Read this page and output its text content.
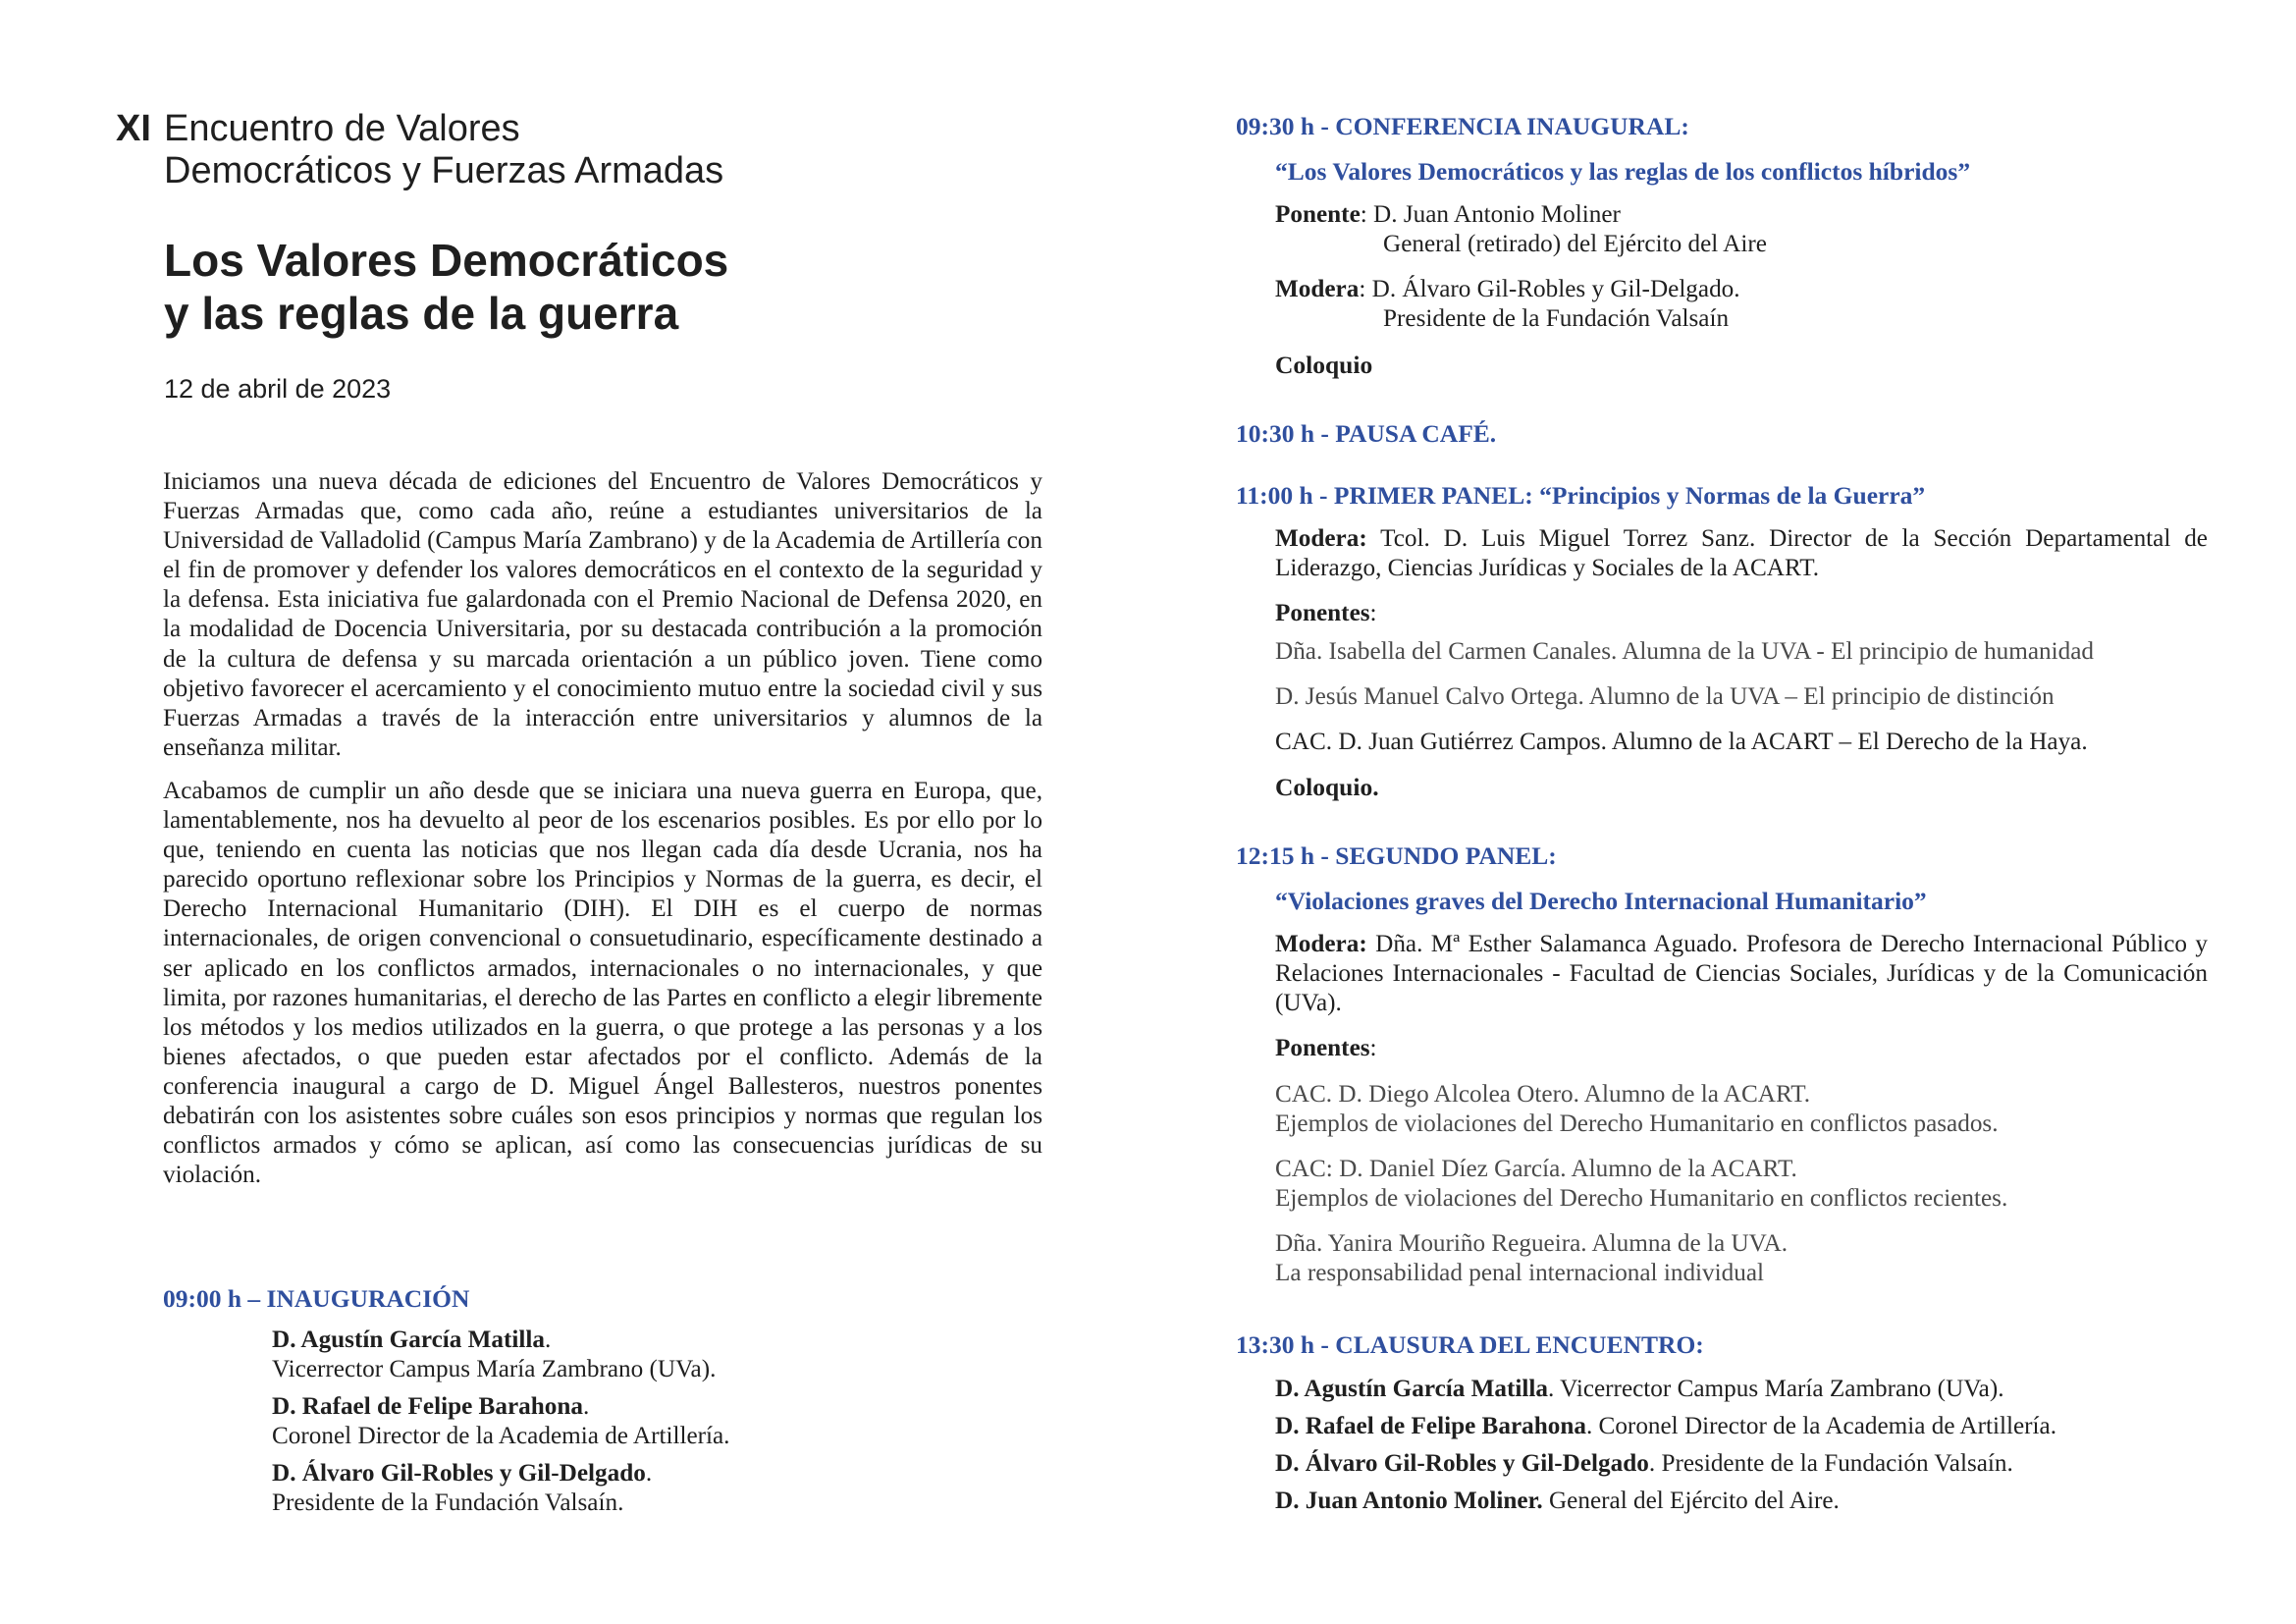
XI Encuentro de Valores
Democráticos y Fuerzas Armadas
Los Valores Democráticos
y las reglas de la guerra
12 de abril de 2023

Iniciamos una nueva década de ediciones del Encuentro de Valores Democráticos y Fuerzas Armadas que, como cada año, reúne a estudiantes universitarios de la Universidad de Valladolid (Campus María Zambrano) y de la Academia de Artillería con el fin de promover y defender los valores democráticos en el contexto de la seguridad y la defensa. Esta iniciativa fue galardonada con el Premio Nacional de Defensa 2020, en la modalidad de Docencia Universitaria, por su destacada contribución a la promoción de la cultura de defensa y su marcada orientación a un público joven. Tiene como objetivo favorecer el acercamiento y el conocimiento mutuo entre la sociedad civil y sus Fuerzas Armadas a través de la interacción entre universitarios y alumnos de la enseñanza militar.

Acabamos de cumplir un año desde que se iniciara una nueva guerra en Europa, que, lamentablemente, nos ha devuelto al peor de los escenarios posibles. Es por ello por lo que, teniendo en cuenta las noticias que nos llegan cada día desde Ucrania, nos ha parecido oportuno reflexionar sobre los Principios y Normas de la guerra, es decir, el Derecho Internacional Humanitario (DIH). El DIH es el cuerpo de normas internacionales, de origen convencional o consuetudinario, específicamente destinado a ser aplicado en los conflictos armados, internacionales o no internacionales, y que limita, por razones humanitarias, el derecho de las Partes en conflicto a elegir libremente los métodos y los medios utilizados en la guerra, o que protege a las personas y a los bienes afectados, o que pueden estar afectados por el conflicto. Además de la conferencia inaugural a cargo de D. Miguel Ángel Ballesteros, nuestros ponentes debatirán con los asistentes sobre cuáles son esos principios y normas que regulan los conflictos armados y cómo se aplican, así como las consecuencias jurídicas de su violación.

09:00 h – INAUGURACIÓN
D. Agustín García Matilla.
Vicerrector Campus María Zambrano (UVa).
D. Rafael de Felipe Barahona.
Coronel Director de la Academia de Artillería.
D. Álvaro Gil-Robles y Gil-Delgado.
Presidente de la Fundación Valsaín.
09:30 h - CONFERENCIA INAUGURAL:
“Los Valores Democráticos y las reglas de los conflictos híbridos”
Ponente: D. Juan Antonio Moliner
General (retirado) del Ejército del Aire
Modera: D. Álvaro Gil-Robles y Gil-Delgado.
Presidente de la Fundación Valsaín
Coloquio
10:30 h - PAUSA CAFÉ.
11:00 h - PRIMER PANEL: “Principios y Normas de la Guerra”
Modera: Tcol. D. Luis Miguel Torrez Sanz. Director de la Sección Departamental de Liderazgo, Ciencias Jurídicas y Sociales de la ACART.
Ponentes:
Dña. Isabella del Carmen Canales. Alumna de la UVA - El principio de humanidad
D. Jesús Manuel Calvo Ortega. Alumno de la UVA – El principio de distinción
CAC. D. Juan Gutiérrez Campos. Alumno de la ACART – El Derecho de la Haya.
Coloquio.
12:15 h - SEGUNDO PANEL:
“Violaciones graves del Derecho Internacional Humanitario”
Modera: Dña. Mª Esther Salamanca Aguado. Profesora de Derecho Internacional Público y Relaciones Internacionales - Facultad de Ciencias Sociales, Jurídicas y de la Comunicación (UVa).
Ponentes:
CAC. D. Diego Alcolea Otero. Alumno de la ACART.
Ejemplos de violaciones del Derecho Humanitario en conflictos pasados.
CAC: D. Daniel Díez García. Alumno de la ACART.
Ejemplos de violaciones del Derecho Humanitario en conflictos recientes.
Dña. Yanira Mouriño Regueira. Alumna de la UVA.
La responsabilidad penal internacional individual
13:30 h - CLAUSURA DEL ENCUENTRO:
D. Agustín García Matilla. Vicerrector Campus María Zambrano (UVa).
D. Rafael de Felipe Barahona. Coronel Director de la Academia de Artillería.
D. Álvaro Gil-Robles y Gil-Delgado. Presidente de la Fundación Valsaín.
D. Juan Antonio Moliner. General del Ejército del Aire.
